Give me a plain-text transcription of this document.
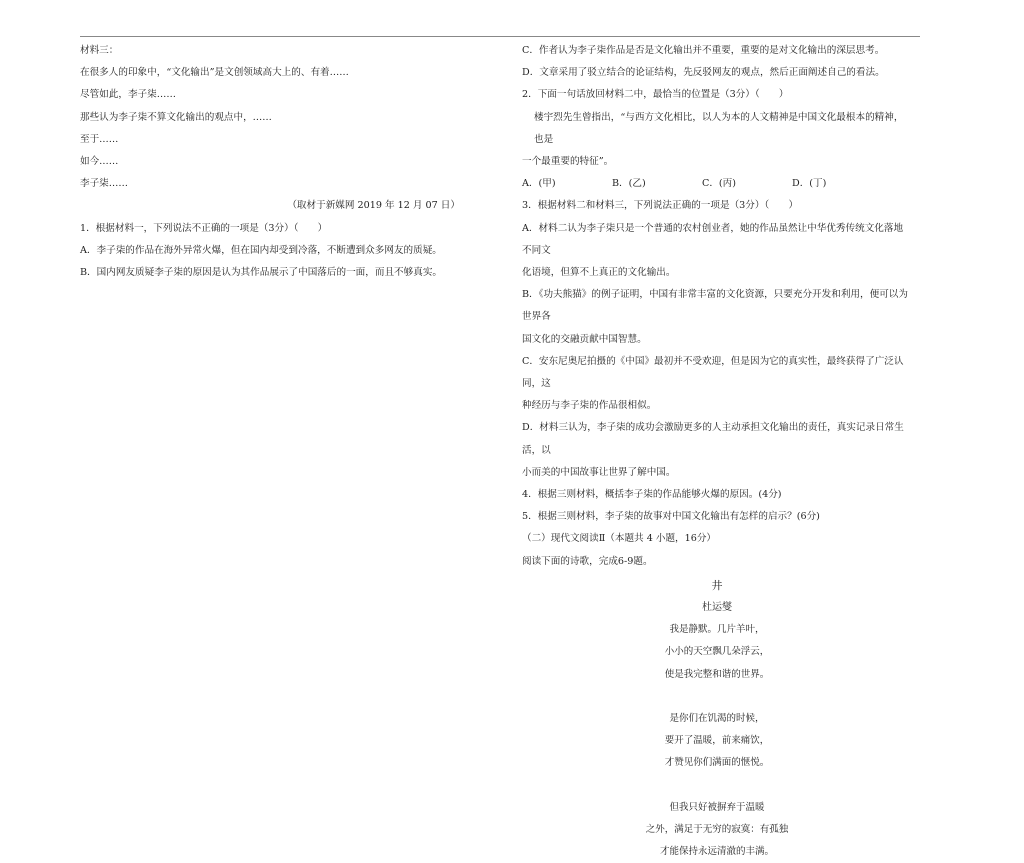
材料三：

在很多人的印象中，“文化输出”是文创领域高大上的、有着……

尽管如此，李子柒……

那些认为李子柒不算文化输出的观点中，……

至于……

如今……

李子柒……

（取材于新媒网 2019 年 12 月 07 日）

1．根据材料一，下列说法不正确的一项是（3分）（　　）

A．李子柒的作品在海外异常火爆，但在国内却受到冷落，不断遭到众多网友的质疑。

B．国内网友质疑李子柒的原因是认为其作品展示了中国落后的一面，而且不够真实。

C．作者认为李子柒作品是否是文化输出并不重要，重要的是对文化输出的深层思考。

D．文章采用了驳立结合的论证结构，先反驳网友的观点，然后正面阐述自己的看法。

2．下面一句话放回材料二中，最恰当的位置是（3分）（　　）

楼宇烈先生曾指出，“与西方文化相比，以人为本的人文精神是中国文化最根本的精神，也是

一个最重要的特征”。

A．(甲)	B．(乙)	C．(丙)	D．(丁)

3．根据材料二和材料三，下列说法正确的一项是（3分）（　　）

A．材料二认为李子柒只是一个普通的农村创业者，她的作品虽然让中华优秀传统文化落地不同文

化语境，但算不上真正的文化输出。

B．《功夫熊猫》的例子证明，中国有非常丰富的文化资源，只要充分开发和利用，便可以为世界各

国文化的交融贡献中国智慧。

C．安东尼奥尼拍摄的《中国》最初并不受欢迎，但是因为它的真实性，最终获得了广泛认同，这

种经历与李子柒的作品很相似。

D．材料三认为，李子柒的成功会激励更多的人主动承担文化输出的责任，真实记录日常生活，以

小而美的中国故事让世界了解中国。

4．根据三则材料，概括李子柒的作品能够火爆的原因。(4分)

5．根据三则材料，李子柒的故事对中国文化输出有怎样的启示？(6分)

（二）现代文阅读Ⅱ（本题共 4 小题，16分）

阅读下面的诗歌，完成6-9题。

井
杜运燮

我是静默。几片羊叶，

小小的天空飘几朵浮云，

使是我完整和谐的世界。

是你们在饥渴的时候，

要开了温暖，前来痛饮，

才赞见你们满面的惬悦。

但我只好被摒弃于温暖

之外，满足于无穷的寂寞：有孤独

才能保持永远清澈的丰满。
